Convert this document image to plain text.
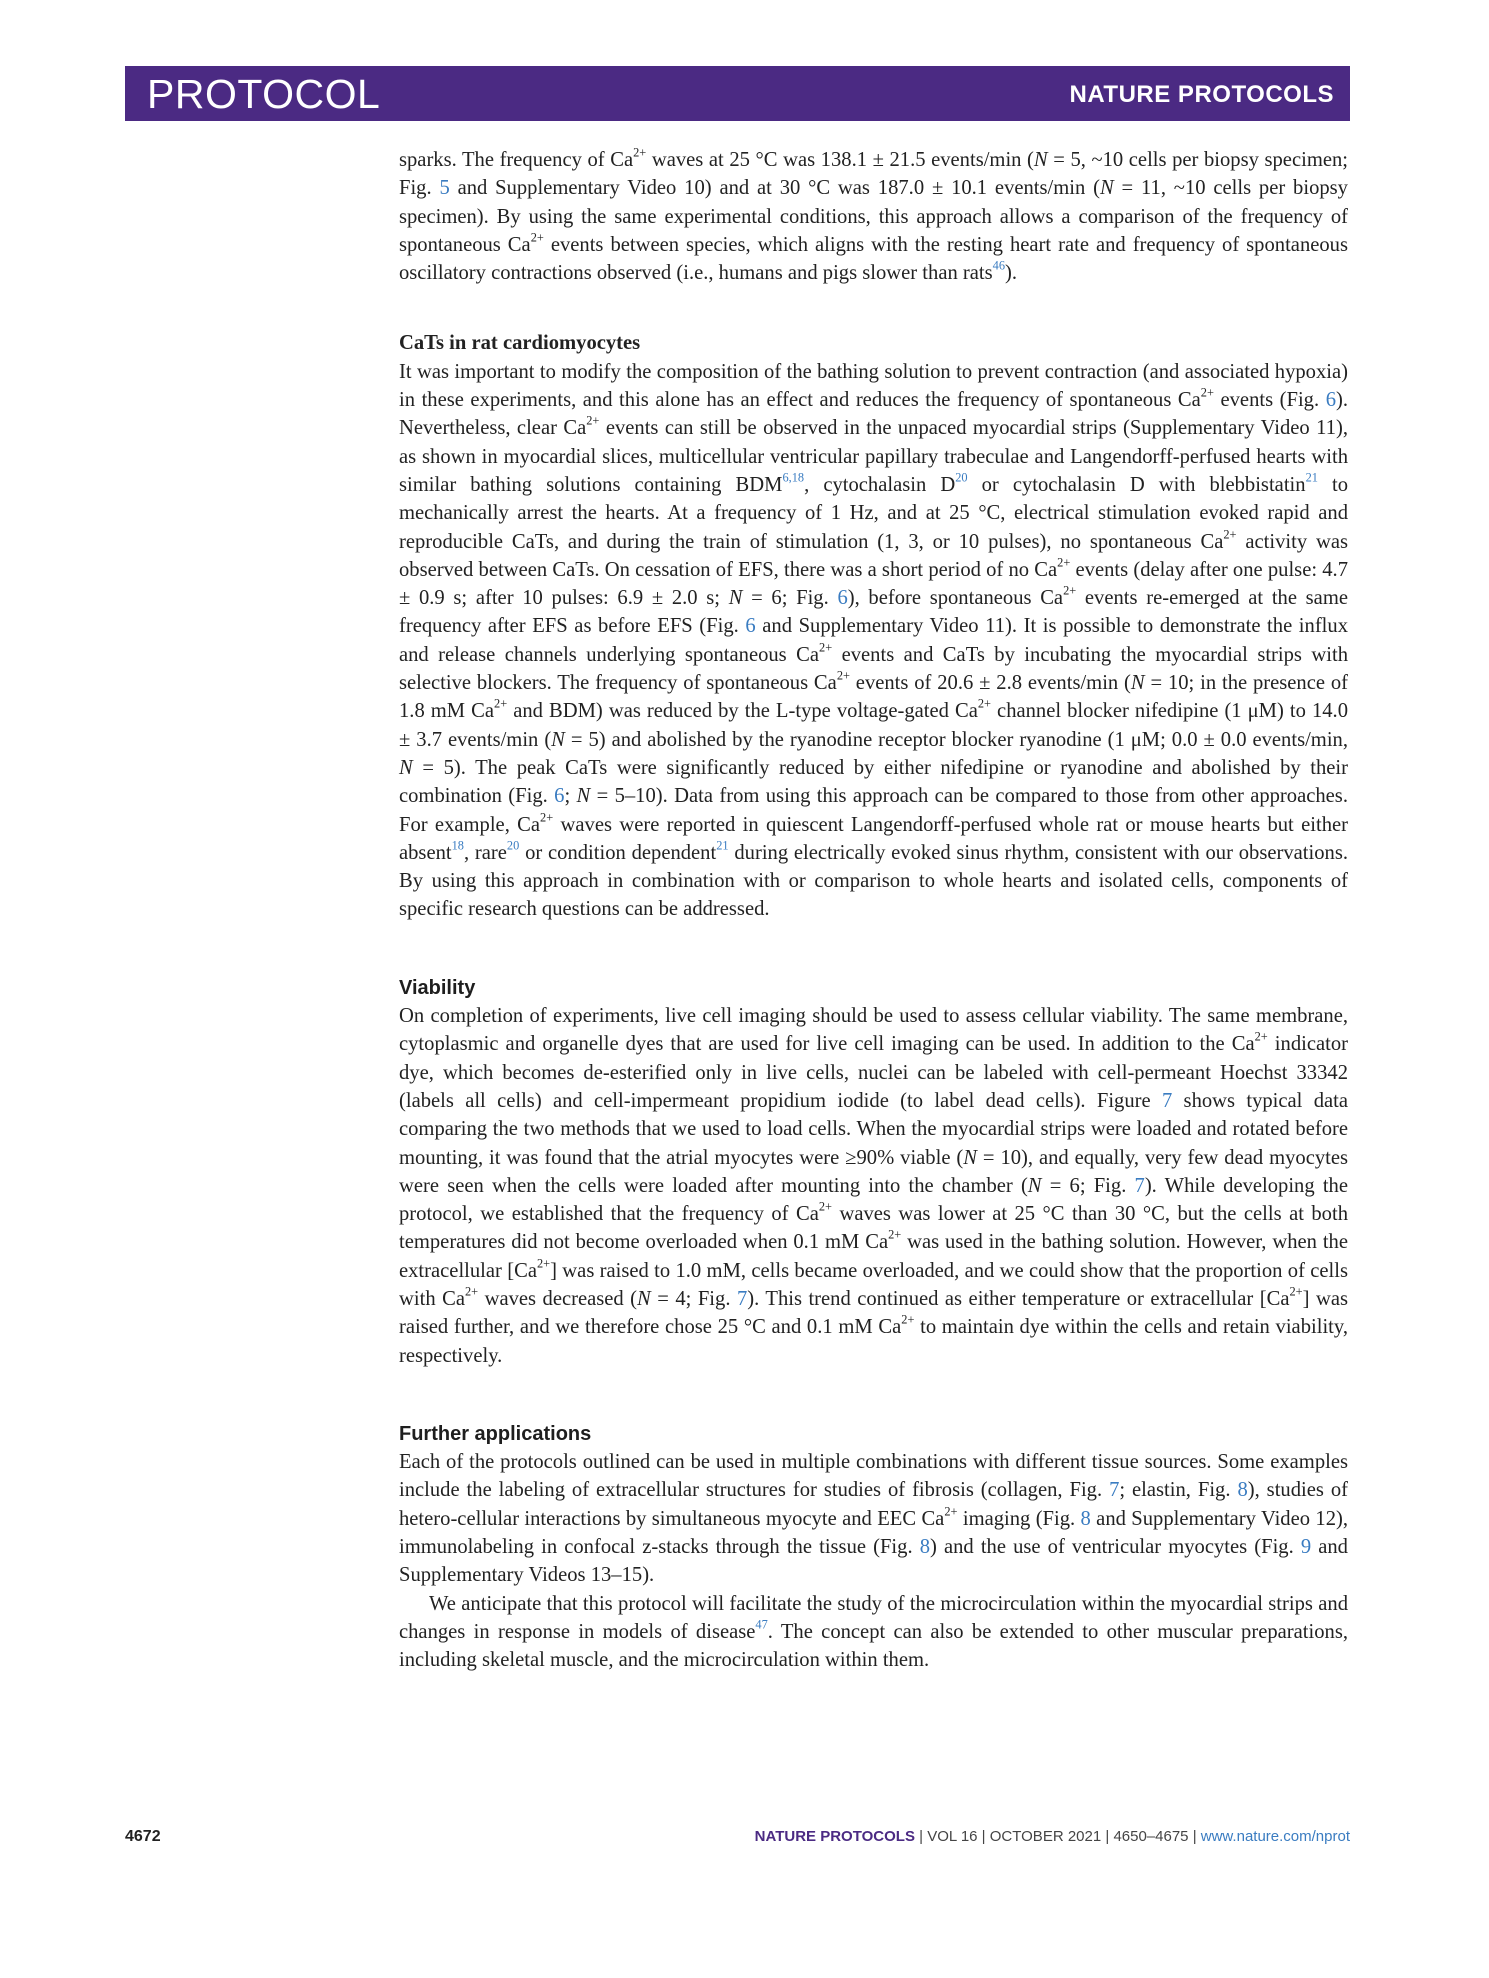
PROTOCOL	NATURE PROTOCOLS

sparks. The frequency of $Ca^{2+}$ waves at 25 °C was 138.1 ± 21.5 events/min (N = 5, ~10 cells per biopsy specimen; Fig. 5 and Supplementary Video 10) and at 30 °C was 187.0 ± 10.1 events/min (N = 11, ~10 cells per biopsy specimen). By using the same experimental conditions, this approach allows a comparison of the frequency of spontaneous $Ca^{2+}$ events between species, which aligns with the resting heart rate and frequency of spontaneous oscillatory contractions observed (i.e., humans and pigs slower than rats$^{46}$).

CaTs in rat cardiomyocytes

It was important to modify the composition of the bathing solution to prevent contraction (and associated hypoxia) in these experiments, and this alone has an effect and reduces the frequency of spontaneous $Ca^{2+}$ events (Fig. 6). Nevertheless, clear $Ca^{2+}$ events can still be observed in the unpaced myocardial strips (Supplementary Video 11), as shown in myocardial slices, multicellular ventricular papillary trabeculae and Langendorff-perfused hearts with similar bathing solutions containing BDM$^{6,18}$, cytochalasin D$^{20}$ or cytochalasin D with blebbistatin$^{21}$ to mechanically arrest the hearts. At a frequency of 1 Hz, and at 25 °C, electrical stimulation evoked rapid and reproducible CaTs, and during the train of stimulation (1, 3, or 10 pulses), no spontaneous $Ca^{2+}$ activity was observed between CaTs. On cessation of EFS, there was a short period of no $Ca^{2+}$ events (delay after one pulse: 4.7 ± 0.9 s; after 10 pulses: 6.9 ± 2.0 s; N = 6; Fig. 6), before spontaneous $Ca^{2+}$ events re-emerged at the same frequency after EFS as before EFS (Fig. 6 and Supplementary Video 11). It is possible to demonstrate the influx and release channels underlying spontaneous $Ca^{2+}$ events and CaTs by incubating the myocardial strips with selective blockers. The frequency of spontaneous $Ca^{2+}$ events of 20.6 ± 2.8 events/min (N = 10; in the presence of 1.8 mM $Ca^{2+}$ and BDM) was reduced by the L-type voltage-gated $Ca^{2+}$ channel blocker nifedipine (1 μM) to 14.0 ± 3.7 events/min (N = 5) and abolished by the ryanodine receptor blocker ryanodine (1 μM; 0.0 ± 0.0 events/min, N = 5). The peak CaTs were significantly reduced by either nifedipine or ryanodine and abolished by their combination (Fig. 6; N = 5–10). Data from using this approach can be compared to those from other approaches. For example, $Ca^{2+}$ waves were reported in quiescent Langendorff-perfused whole rat or mouse hearts but either absent$^{18}$, rare$^{20}$ or condition dependent$^{21}$ during electrically evoked sinus rhythm, consistent with our observations. By using this approach in combination with or comparison to whole hearts and isolated cells, components of specific research questions can be addressed.

Viability

On completion of experiments, live cell imaging should be used to assess cellular viability. The same membrane, cytoplasmic and organelle dyes that are used for live cell imaging can be used. In addition to the $Ca^{2+}$ indicator dye, which becomes de-esterified only in live cells, nuclei can be labeled with cell-permeant Hoechst 33342 (labels all cells) and cell-impermeant propidium iodide (to label dead cells). Figure 7 shows typical data comparing the two methods that we used to load cells. When the myocardial strips were loaded and rotated before mounting, it was found that the atrial myocytes were ≥90% viable (N = 10), and equally, very few dead myocytes were seen when the cells were loaded after mounting into the chamber (N = 6; Fig. 7). While developing the protocol, we established that the frequency of $Ca^{2+}$ waves was lower at 25 °C than 30 °C, but the cells at both temperatures did not become overloaded when 0.1 mM $Ca^{2+}$ was used in the bathing solution. However, when the extracellular $[Ca^{2+}]$ was raised to 1.0 mM, cells became overloaded, and we could show that the proportion of cells with $Ca^{2+}$ waves decreased (N = 4; Fig. 7). This trend continued as either temperature or extracellular $[Ca^{2+}]$ was raised further, and we therefore chose 25 °C and 0.1 mM $Ca^{2+}$ to maintain dye within the cells and retain viability, respectively.

Further applications

Each of the protocols outlined can be used in multiple combinations with different tissue sources. Some examples include the labeling of extracellular structures for studies of fibrosis (collagen, Fig. 7; elastin, Fig. 8), studies of hetero-cellular interactions by simultaneous myocyte and EEC $Ca^{2+}$ imaging (Fig. 8 and Supplementary Video 12), immunolabeling in confocal z-stacks through the tissue (Fig. 8) and the use of ventricular myocytes (Fig. 9 and Supplementary Videos 13–15).

We anticipate that this protocol will facilitate the study of the microcirculation within the myocardial strips and changes in response in models of disease$^{47}$. The concept can also be extended to other muscular preparations, including skeletal muscle, and the microcirculation within them.

4672	NATURE PROTOCOLS | VOL 16 | OCTOBER 2021 | 4650–4675 | www.nature.com/nprot
